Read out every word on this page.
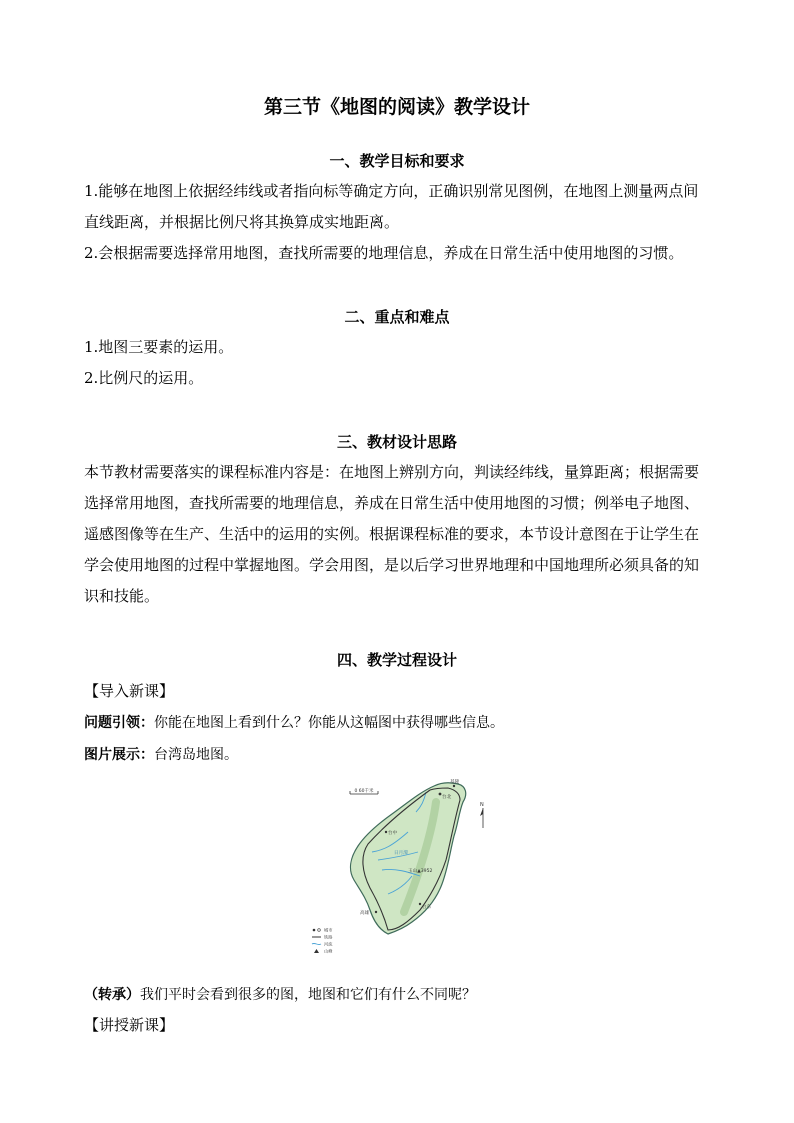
第三节《地图的阅读》教学设计
一、教学目标和要求
1.能够在地图上依据经纬线或者指向标等确定方向，正确识别常见图例，在地图上测量两点间直线距离，并根据比例尺将其换算成实地距离。
2.会根据需要选择常用地图，查找所需要的地理信息，养成在日常生活中使用地图的习惯。
二、重点和难点
1.地图三要素的运用。
2.比例尺的运用。
三、教材设计思路
本节教材需要落实的课程标准内容是：在地图上辨别方向，判读经纬线，量算距离；根据需要选择常用地图，查找所需要的地理信息，养成在日常生活中使用地图的习惯；例举电子地图、遥感图像等在生产、生活中的运用的实例。根据课程标准的要求，本节设计意图在于让学生在学会使用地图的过程中掌握地图。学会用图，是以后学习世界地理和中国地理所必须具备的知识和技能。
四、教学过程设计
【导入新课】
问题引领：你能在地图上看到什么？你能从这幅图中获得哪些信息。
图片展示：台湾岛地图。
0 60千米
N
台北
基隆
台中
日月潭
玉山▲3952
台东
高雄
城市
铁路
河流
山峰
（转承）我们平时会看到很多的图，地图和它们有什么不同呢？
【讲授新课】
